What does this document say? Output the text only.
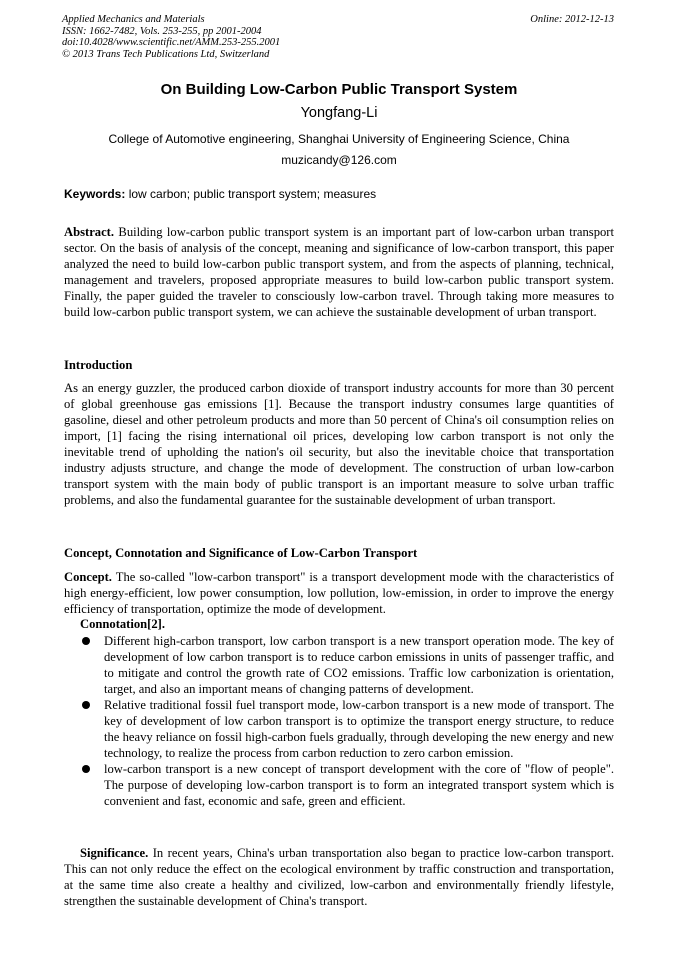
Applied Mechanics and Materials
ISSN: 1662-7482, Vols. 253-255, pp 2001-2004
doi:10.4028/www.scientific.net/AMM.253-255.2001
© 2013 Trans Tech Publications Ltd, Switzerland
Online: 2012-12-13
On Building Low-Carbon Public Transport System
Yongfang-Li
College of Automotive engineering, Shanghai University of Engineering Science, China
muzicandy@126.com
Keywords: low carbon; public transport system; measures
Abstract. Building low-carbon public transport system is an important part of low-carbon urban transport sector. On the basis of analysis of the concept, meaning and significance of low-carbon transport, this paper analyzed the need to build low-carbon public transport system, and from the aspects of planning, technical, management and travelers, proposed appropriate measures to build low-carbon public transport system. Finally, the paper guided the traveler to consciously low-carbon travel. Through taking more measures to build low-carbon public transport system, we can achieve the sustainable development of urban transport.
Introduction
As an energy guzzler, the produced carbon dioxide of transport industry accounts for more than 30 percent of global greenhouse gas emissions [1]. Because the transport industry consumes large quantities of gasoline, diesel and other petroleum products and more than 50 percent of China's oil consumption relies on import, [1] facing the rising international oil prices, developing low carbon transport is not only the inevitable trend of upholding the nation's oil security, but also the inevitable choice that transportation industry adjusts structure, and change the mode of development. The construction of urban low-carbon transport system with the main body of public transport is an important measure to solve urban traffic problems, and also the fundamental guarantee for the sustainable development of urban transport.
Concept, Connotation and Significance of Low-Carbon Transport
Concept. The so-called "low-carbon transport" is a transport development mode with the characteristics of high energy-efficient, low power consumption, low pollution, low-emission, in order to improve the energy efficiency of transportation, optimize the mode of development.
Connotation[2].
Different high-carbon transport, low carbon transport is a new transport operation mode. The key of development of low carbon transport is to reduce carbon emissions in units of passenger traffic, and to mitigate and control the growth rate of CO2 emissions. Traffic low carbonization is orientation, target, and also an important means of changing patterns of development.
Relative traditional fossil fuel transport mode, low-carbon transport is a new mode of transport. The key of development of low carbon transport is to optimize the transport energy structure, to reduce the heavy reliance on fossil high-carbon fuels gradually, through developing the new energy and new technology, to realize the process from carbon reduction to zero carbon emission.
low-carbon transport is a new concept of transport development with the core of "flow of people". The purpose of developing low-carbon transport is to form an integrated transport system which is convenient and fast, economic and safe, green and efficient.
Significance. In recent years, China's urban transportation also began to practice low-carbon transport. This can not only reduce the effect on the ecological environment by traffic construction and transportation, at the same time also create a healthy and civilized, low-carbon and environmentally friendly lifestyle, strengthen the sustainable development of China's transport.
